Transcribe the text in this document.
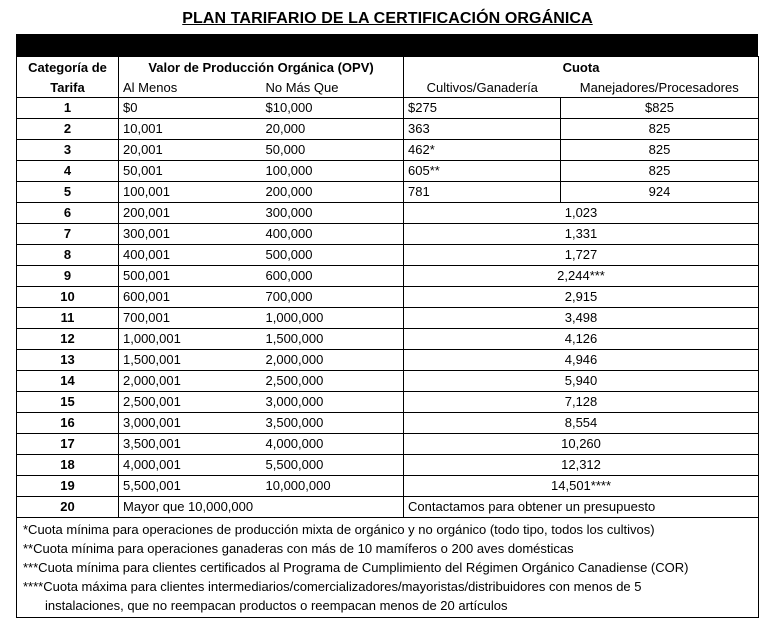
PLAN TARIFARIO DE LA CERTIFICACIÓN ORGÁNICA
Categoría de	Valor de Producción Orgánica (OPV)		Cuota	
Tarifa	Al Menos	No Más Que	Cultivos/Ganadería	Manejadores/Procesadores
1	$0	$10,000	$275	$825
2	10,001	20,000	363	825
3	20,001	50,000	462*	825
4	50,001	100,000	605**	825
5	100,001	200,000	781	924
6	200,001	300,000	1,023	
7	300,001	400,000	1,331	
8	400,001	500,000	1,727	
9	500,001	600,000	2,244***	
10	600,001	700,000	2,915	
11	700,001	1,000,000	3,498	
12	1,000,001	1,500,000	4,126	
13	1,500,001	2,000,000	4,946	
14	2,000,001	2,500,000	5,940	
15	2,500,001	3,000,000	7,128	
16	3,000,001	3,500,000	8,554	
17	3,500,001	4,000,000	10,260	
18	4,000,001	5,500,000	12,312	
19	5,500,001	10,000,000	14,501****	
20	Mayor que 10,000,000		Contactamos para obtener un presupuesto	

*Cuota mínima para operaciones de producción mixta de orgánico y no orgánico (todo tipo, todos los cultivos)
**Cuota mínima para operaciones ganaderas con más de 10 mamíferos o 200 aves domésticas
***Cuota mínima para clientes certificados al Programa de Cumplimiento del Régimen Orgánico Canadiense (COR)
****Cuota máxima para clientes intermediarios/comercializadores/mayoristas/distribuidores con menos de 5
instalaciones, que no reempacan productos o reempacan menos de 20 artículos				
